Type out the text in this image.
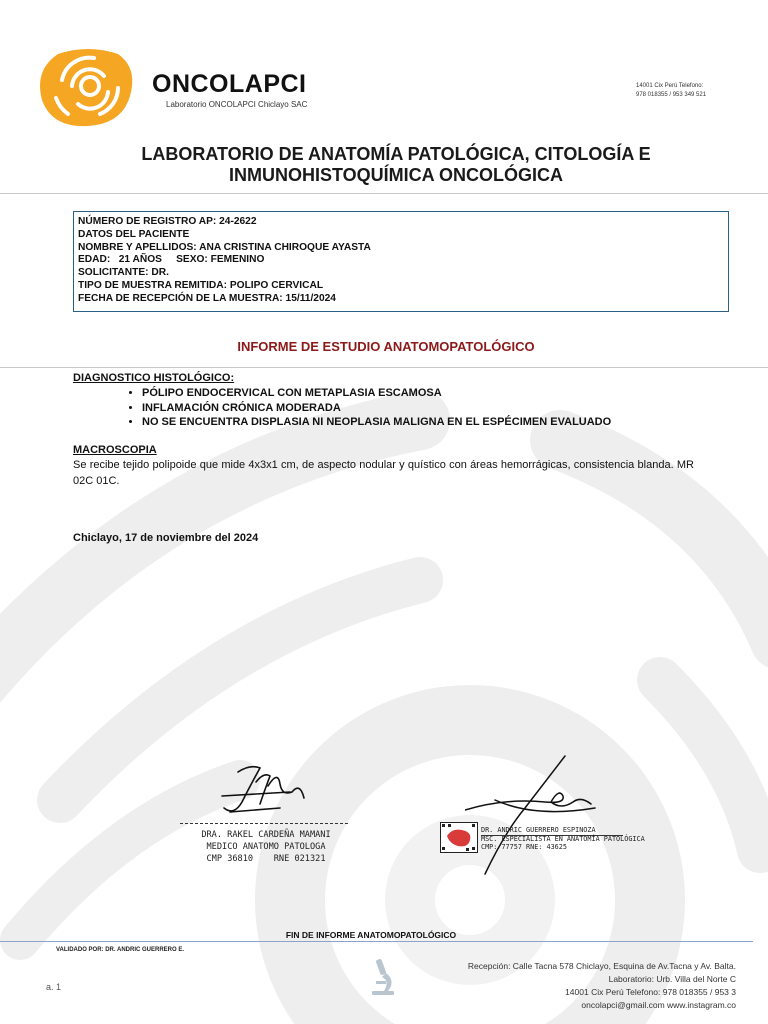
ONCOLAPCI
Laboratorio ONCOLAPCI Chiclayo SAC
14001 Cix Perú Telefono:
978 018355 / 953 349 521
LABORATORIO DE ANATOMÍA PATOLÓGICA, CITOLOGÍA E
INMUNOHISTOQUÍMICA ONCOLÓGICA
NÚMERO DE REGISTRO AP: 24-2622
DATOS DEL PACIENTE
NOMBRE Y APELLIDOS: ANA CRISTINA CHIROQUE AYASTA
EDAD:   21 AÑOS     SEXO: FEMENINO
SOLICITANTE: DR.
TIPO DE MUESTRA REMITIDA: POLIPO CERVICAL
FECHA DE RECEPCIÓN DE LA MUESTRA: 15/11/2024
INFORME DE ESTUDIO ANATOMOPATOLÓGICO
DIAGNOSTICO HISTOLÓGICO:
• PÓLIPO ENDOCERVICAL CON METAPLASIA ESCAMOSA
• INFLAMACIÓN CRÓNICA MODERADA
• NO SE ENCUENTRA DISPLASIA NI NEOPLASIA MALIGNA EN EL ESPÉCIMEN EVALUADO
MACROSCOPIA
Se recibe tejido polipoide que mide 4x3x1 cm, de aspecto nodular y quístico con áreas hemorrágicas, consistencia blanda. MR 02C 01C.
Chiclayo, 17 de noviembre del 2024
DRA. RAKEL CARDEÑA MAMANI
MEDICO ANATOMO PATOLOGA
CMP 36810    RNE 021321
DR. ANDRIC GUERRERO ESPINOZA
MSC. ESPECIALISTA EN ANATOMÍA PATOLÓGICA
CMP: 77757 RNE: 43625
FIN DE INFORME ANATOMOPATOLÓGICO
VALIDADO POR: DR. ANDRIC GUERRERO E.
a. 1
Recepción: Calle Tacna 578 Chiclayo, Esquina de Av.Tacna y Av. Balta.
Laboratorio: Urb. Villa del Norte C
14001 Cix Perú Telefono: 978 018355 / 953 3
oncolapci@gmail.com www.instagram.co
